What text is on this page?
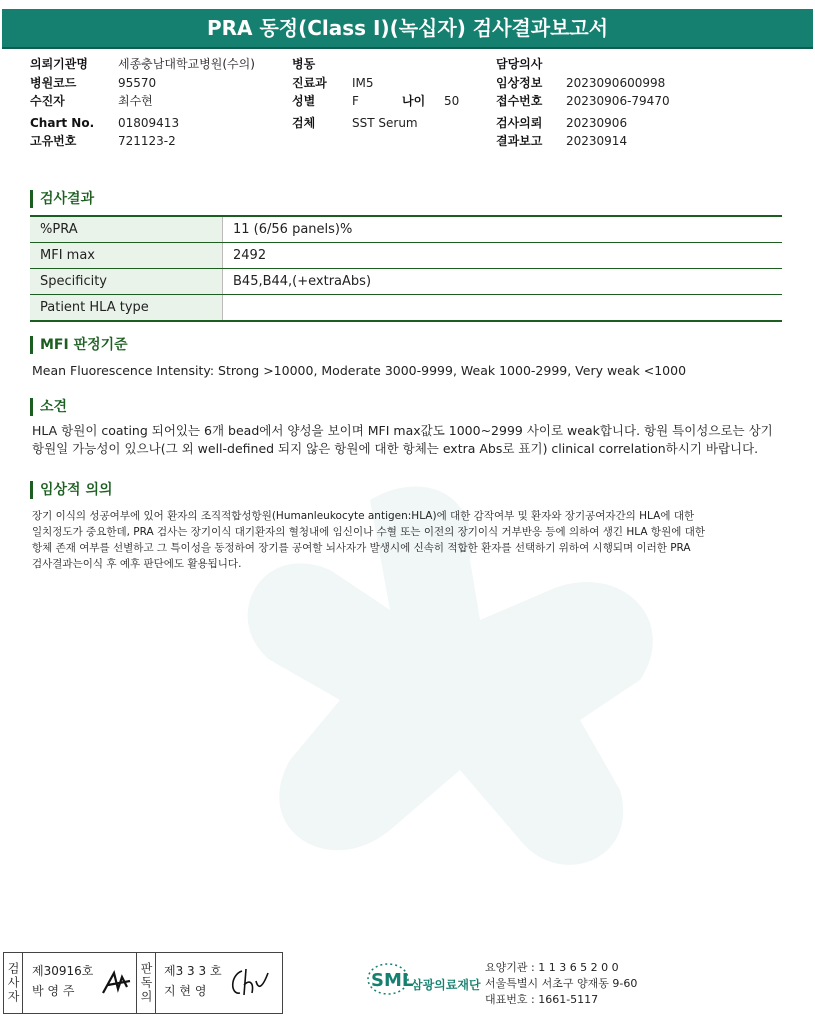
PRA 동정(Class I)(녹십자) 검사결과보고서
의뢰기관명	세종충남대학교병원(수의)
병원코드	95570
수진자	최수현
Chart No.	01809413
고유번호	721123-2
병동
진료과	IM5
성별	F	나이	50
검체	SST Serum
담당의사
임상정보	2023090600998
접수번호	20230906-79470
검사의뢰	20230906
결과보고	20230914
검사결과
%PRA	11 (6/56 panels)%
MFI max	2492
Specificity	B45,B44,(+extraAbs)
Patient HLA type	
MFI 판정기준
Mean Fluorescence Intensity: Strong >10000, Moderate 3000-9999, Weak 1000-2999, Very weak <1000
소견
HLA 항원이 coating 되어있는 6개 bead에서 양성을 보이며 MFI max값도 1000~2999 사이로 weak합니다. 항원 특이성으로는 상기
항원일 가능성이 있으나(그 외 well-defined 되지 않은 항원에 대한 항체는 extra Abs로 표기) clinical correlation하시기 바랍니다.
임상적 의의
장기 이식의 성공여부에 있어 환자의 조직적합성항원(Humanleukocyte antigen:HLA)에 대한 감작여부 및 환자와 장기공여자간의 HLA에 대한
일치정도가 중요한데, PRA 검사는 장기이식 대기환자의 혈청내에 임신이나 수혈 또는 이전의 장기이식 거부반응 등에 의하여 생긴 HLA 항원에 대한
항체 존재 여부를 선별하고 그 특이성을 동정하여 장기를 공여할 뇌사자가 발생시에 신속히 적합한 환자를 선택하기 위하여 시행되며 이러한 PRA
검사결과는이식 후 예후 판단에도 활용됩니다.
검사자 제30916호
박 영 주	판독의 제3 3 3 호
지 현 영	SML
삼광의료재단
요양기관 : 1 1 3 6 5 2 0 0
서울특별시 서초구 양재동 9-60
대표번호 : 1661-5117
